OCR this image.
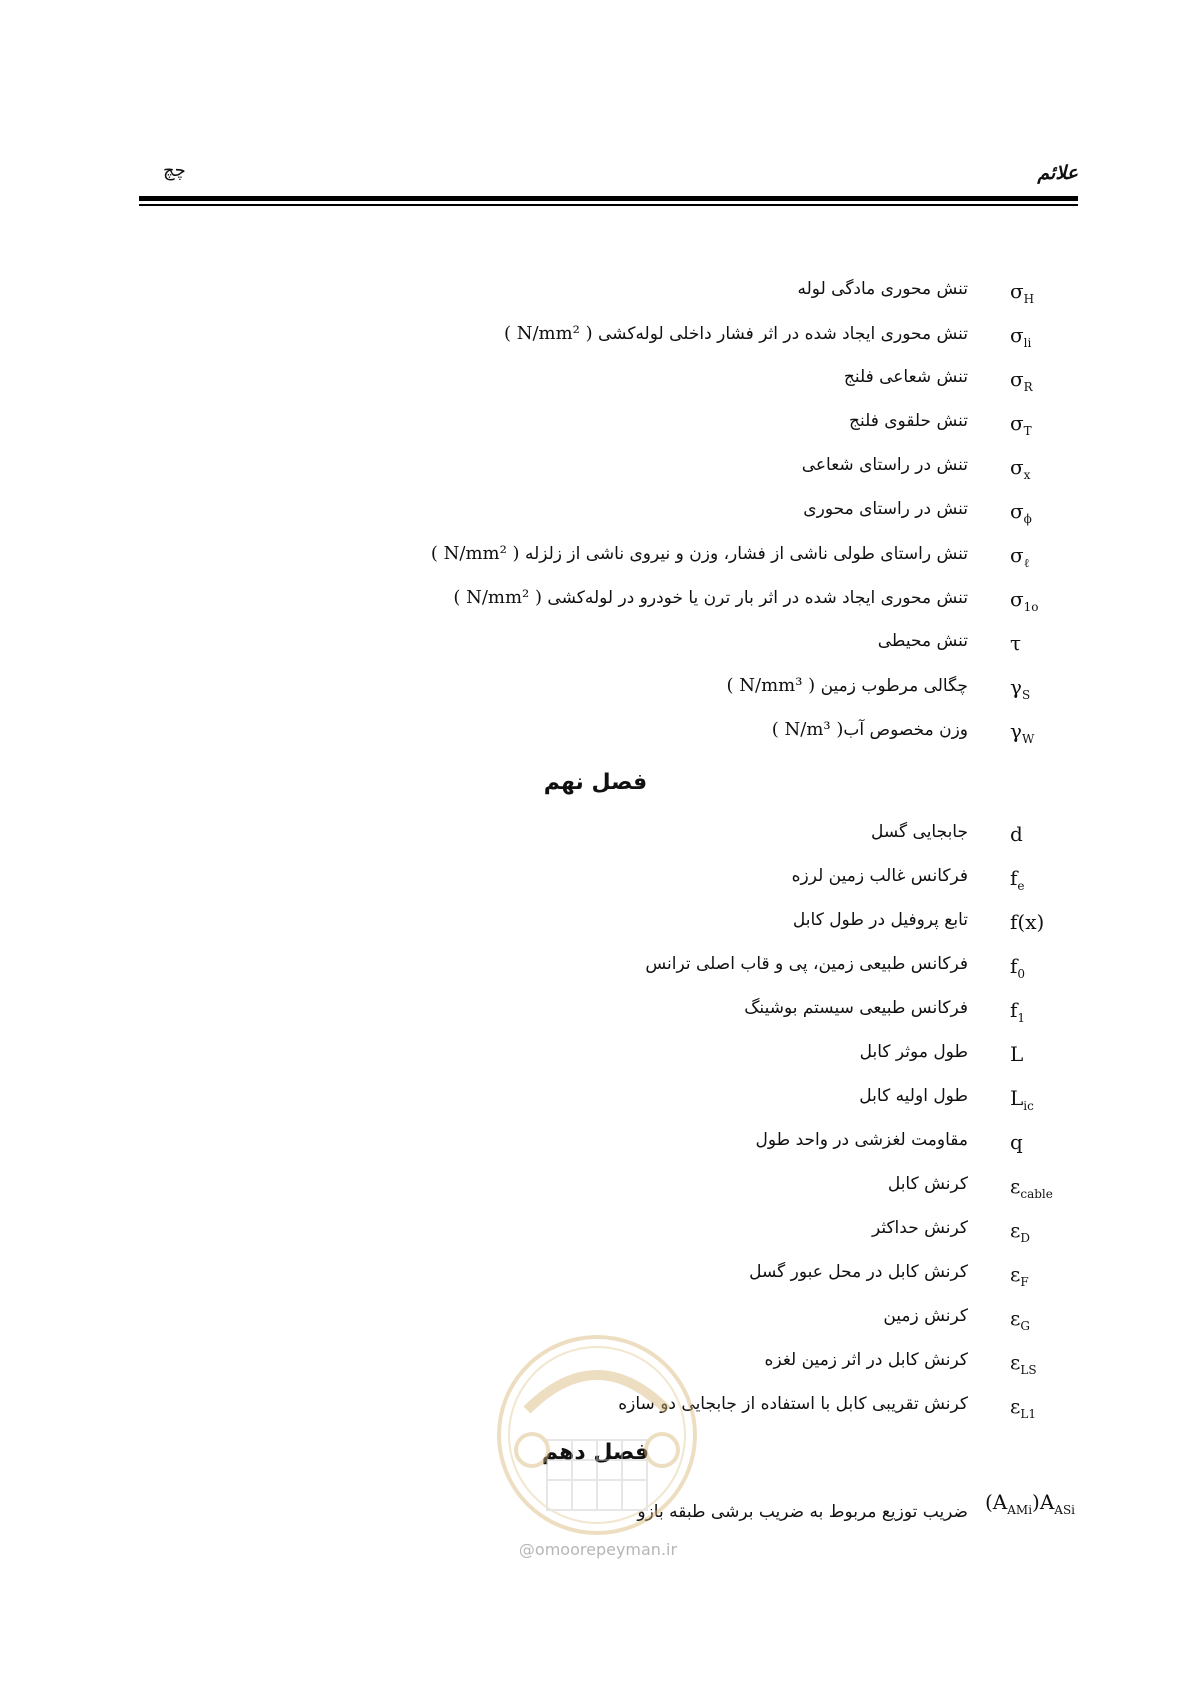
علائم
چچ
$\sigma_H$
تنش محوری مادگی لوله
$\sigma_{li}$
تنش محوری ایجاد شده در اثر فشار داخلی لوله‌کشی ( N/mm² )
$\sigma_R$
تنش شعاعی فلنج
$\sigma_T$
تنش حلقوی فلنج
$\sigma_x$
تنش در راستای شعاعی
$\sigma_\phi$
تنش در راستای محوری
$\sigma_\ell$
تنش راستای طولی ناشی از فشار، وزن و نیروی ناشی از زلزله ( N/mm² )
$\sigma_{1o}$
تنش محوری ایجاد شده در اثر بار ترن یا خودرو در لوله‌کشی ( N/mm² )
τ
تنش محیطی
$\gamma_S$
چگالی مرطوب زمین ( N/mm³ )
$\gamma_W$
وزن مخصوص آب( N/m³ )
فصل نهم
d
جابجایی گسل
$f_e$
فرکانس غالب زمین لرزه
f(x)
تابع پروفیل در طول کابل
$f_0$
فرکانس طبیعی زمین، پی و قاب اصلی ترانس
$f_1$
فرکانس طبیعی سیستم بوشینگ
L
طول موثر کابل
$L_{ic}$
طول اولیه کابل
q
مقاومت لغزشی در واحد طول
$\varepsilon_{cable}$
کرنش کابل
$\varepsilon_D$
کرنش حداکثر
$\varepsilon_F$
کرنش کابل در محل عبور گسل
$\varepsilon_G$
کرنش زمین
$\varepsilon_{LS}$
کرنش کابل در اثر زمین لغزه
$\varepsilon_{L1}$
کرنش تقریبی کابل با استفاده از جابجایی دو سازه
فصل دهم
$(A_{AMi})A_{ASi}$
ضریب توزیع مربوط به ضریب برشی طبقه بازو
@omoorepeyman.ir
